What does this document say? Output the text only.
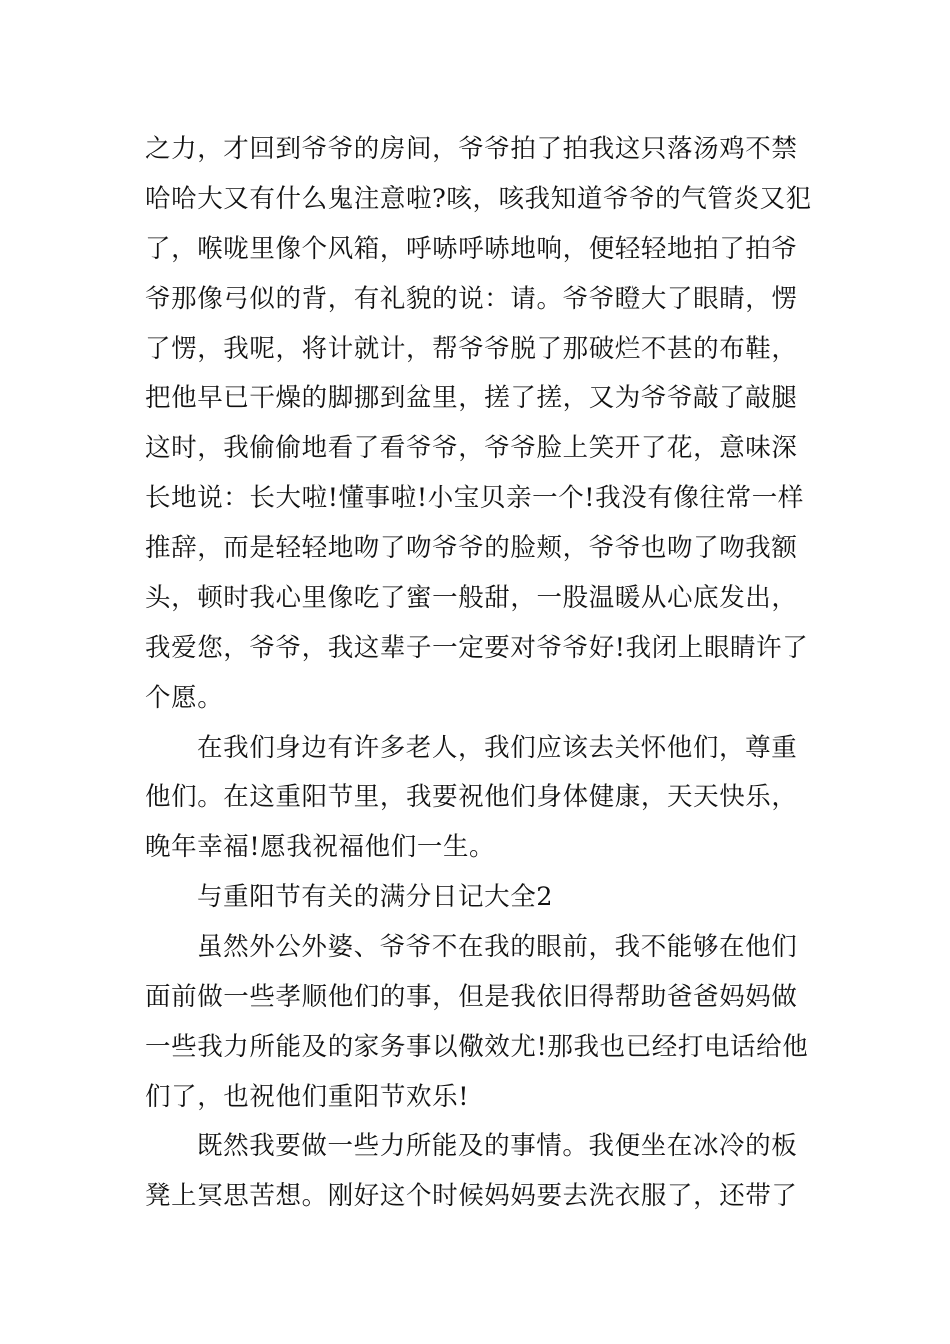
之力，才回到爷爷的房间，爷爷拍了拍我这只落汤鸡不禁
哈哈大又有什么鬼注意啦?咳，咳我知道爷爷的气管炎又犯
了，喉咙里像个风箱，呼哧呼哧地响，便轻轻地拍了拍爷
爷那像弓似的背，有礼貌的说：请。爷爷瞪大了眼睛，愣
了愣，我呢，将计就计，帮爷爷脱了那破烂不甚的布鞋，
把他早已干燥的脚挪到盆里，搓了搓，又为爷爷敲了敲腿
这时，我偷偷地看了看爷爷，爷爷脸上笑开了花，意味深
长地说：长大啦!懂事啦!小宝贝亲一个!我没有像往常一样
推辞，而是轻轻地吻了吻爷爷的脸颊，爷爷也吻了吻我额
头，顿时我心里像吃了蜜一般甜，一股温暖从心底发出，
我爱您，爷爷，我这辈子一定要对爷爷好!我闭上眼睛许了
个愿。
在我们身边有许多老人，我们应该去关怀他们，尊重
他们。在这重阳节里，我要祝他们身体健康，天天快乐，
晚年幸福!愿我祝福他们一生。
与重阳节有关的满分日记大全2
虽然外公外婆、爷爷不在我的眼前，我不能够在他们
面前做一些孝顺他们的事，但是我依旧得帮助爸爸妈妈做
一些我力所能及的家务事以儆效尤!那我也已经打电话给他
们了，也祝他们重阳节欢乐!
既然我要做一些力所能及的事情。我便坐在冰冷的板
凳上冥思苦想。刚好这个时候妈妈要去洗衣服了，还带了
